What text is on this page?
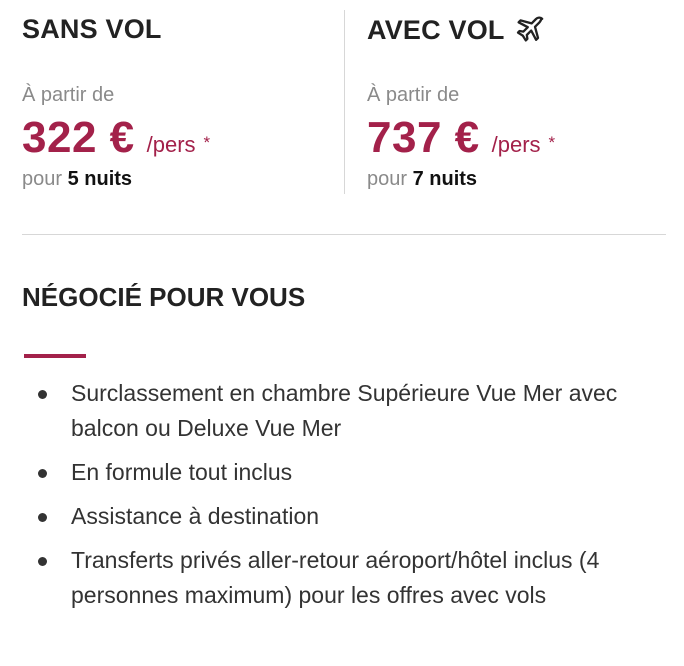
SANS VOL
À partir de
322 € /pers *
pour 5 nuits
AVEC VOL
À partir de
737 € /pers *
pour 7 nuits
NÉGOCIÉ POUR VOUS
Surclassement en chambre Supérieure Vue Mer avec balcon ou Deluxe Vue Mer
En formule tout inclus
Assistance à destination
Transferts privés aller-retour aéroport/hôtel inclus (4 personnes maximum) pour les offres avec vols
